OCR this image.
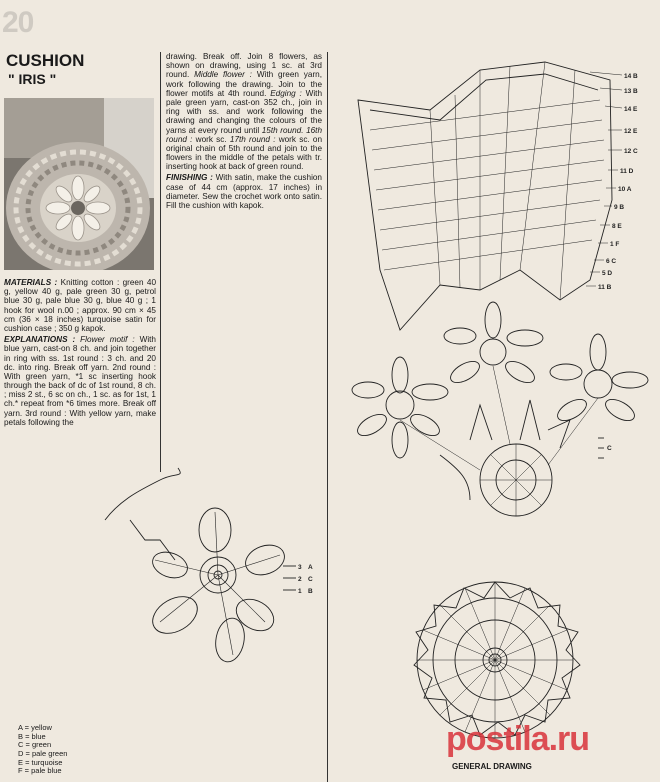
20
CUSHION
" IRIS "

MATERIALS : Knitting cotton : green 40 g, yellow 40 g, pale green 30 g, petrol blue 30 g, pale blue 30 g, blue 40 g ; 1 hook for wool n.00 ; approx. 90 cm × 45 cm (36 × 18 inches) turquoise satin for cushion case ; 350 g kapok.

EXPLANATIONS : Flower motif : With blue yarn, cast-on 8 ch. and join together in ring with ss. 1st round : 3 ch. and 20 dc. into ring. Break off yarn. 2nd round : With green yarn, *1 sc inserting hook through the back of dc of 1st round, 8 ch. ; miss 2 st., 6 sc on ch., 1 sc. as for 1st, 1 ch.* repeat from *6 times more. Break off yarn. 3rd round : With yellow yarn, make petals following the

drawing. Break off. Join 8 flowers, as shown on drawing, using 1 sc. at 3rd round. Middle flower : With green yarn, work following the drawing. Join to the flower motifs at 4th round. Edging : With pale green yarn, cast-on 352 ch., join in ring with ss. and work following the drawing and changing the colours of the yarns at every round until 15th round. 16th round : work sc. 17th round : work sc. on original chain of 5th round and join to the flowers in the middle of the petals with tr. inserting hook at back of green round.

FINISHING : With satin, make the cushion case of 44 cm (approx. 17 inches) in diameter. Sew the crochet work onto satin. Fill the cushion with kapok.

14 B
13 B
14 E
12 E
12 C
11 D
10 A
9 B
8 E
1 F
6 C
5 D
11 B
3
2
1
A
C
B
C
A = yellow
B = blue
C = green
D = pale green
E = turquoise
F = pale blue
postila.ru
GENERAL DRAWING
